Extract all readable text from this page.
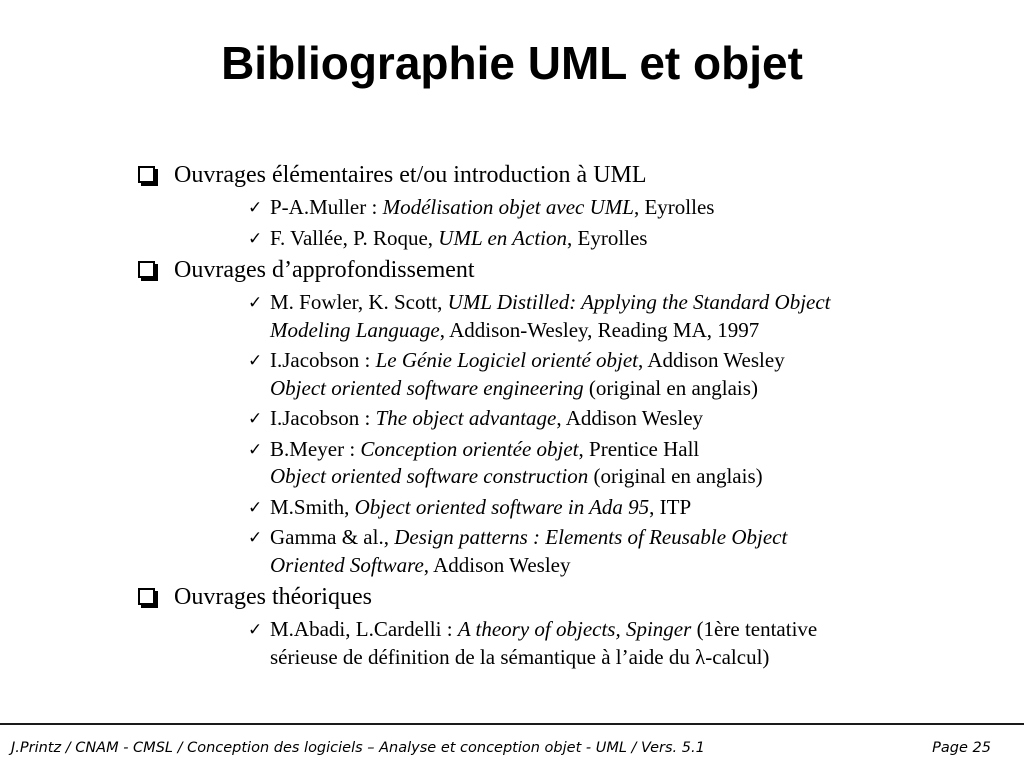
Bibliographie UML et objet
Ouvrages élémentaires et/ou introduction à UML
✓ P-A.Muller : Modélisation objet avec UML, Eyrolles
✓ F. Vallée, P. Roque, UML en Action, Eyrolles
Ouvrages d’approfondissement
✓ M. Fowler, K. Scott, UML Distilled: Applying the Standard Object
Modeling Language, Addison-Wesley, Reading MA, 1997
✓ I.Jacobson : Le Génie Logiciel orienté objet, Addison Wesley
Object oriented software engineering (original en anglais)
✓ I.Jacobson : The object advantage, Addison Wesley
✓ B.Meyer : Conception orientée objet, Prentice Hall
Object oriented software construction (original en anglais)
✓ M.Smith, Object oriented software in Ada 95, ITP
✓ Gamma & al., Design patterns : Elements of Reusable Object
Oriented Software, Addison Wesley
Ouvrages théoriques
✓ M.Abadi, L.Cardelli : A theory of objects, Spinger (1ère tentative
sérieuse de définition de la sémantique à l’aide du λ-calcul)
J.Printz / CNAM - CMSL / Conception des logiciels – Analyse et conception objet - UML / Vers. 5.1	Page 25
